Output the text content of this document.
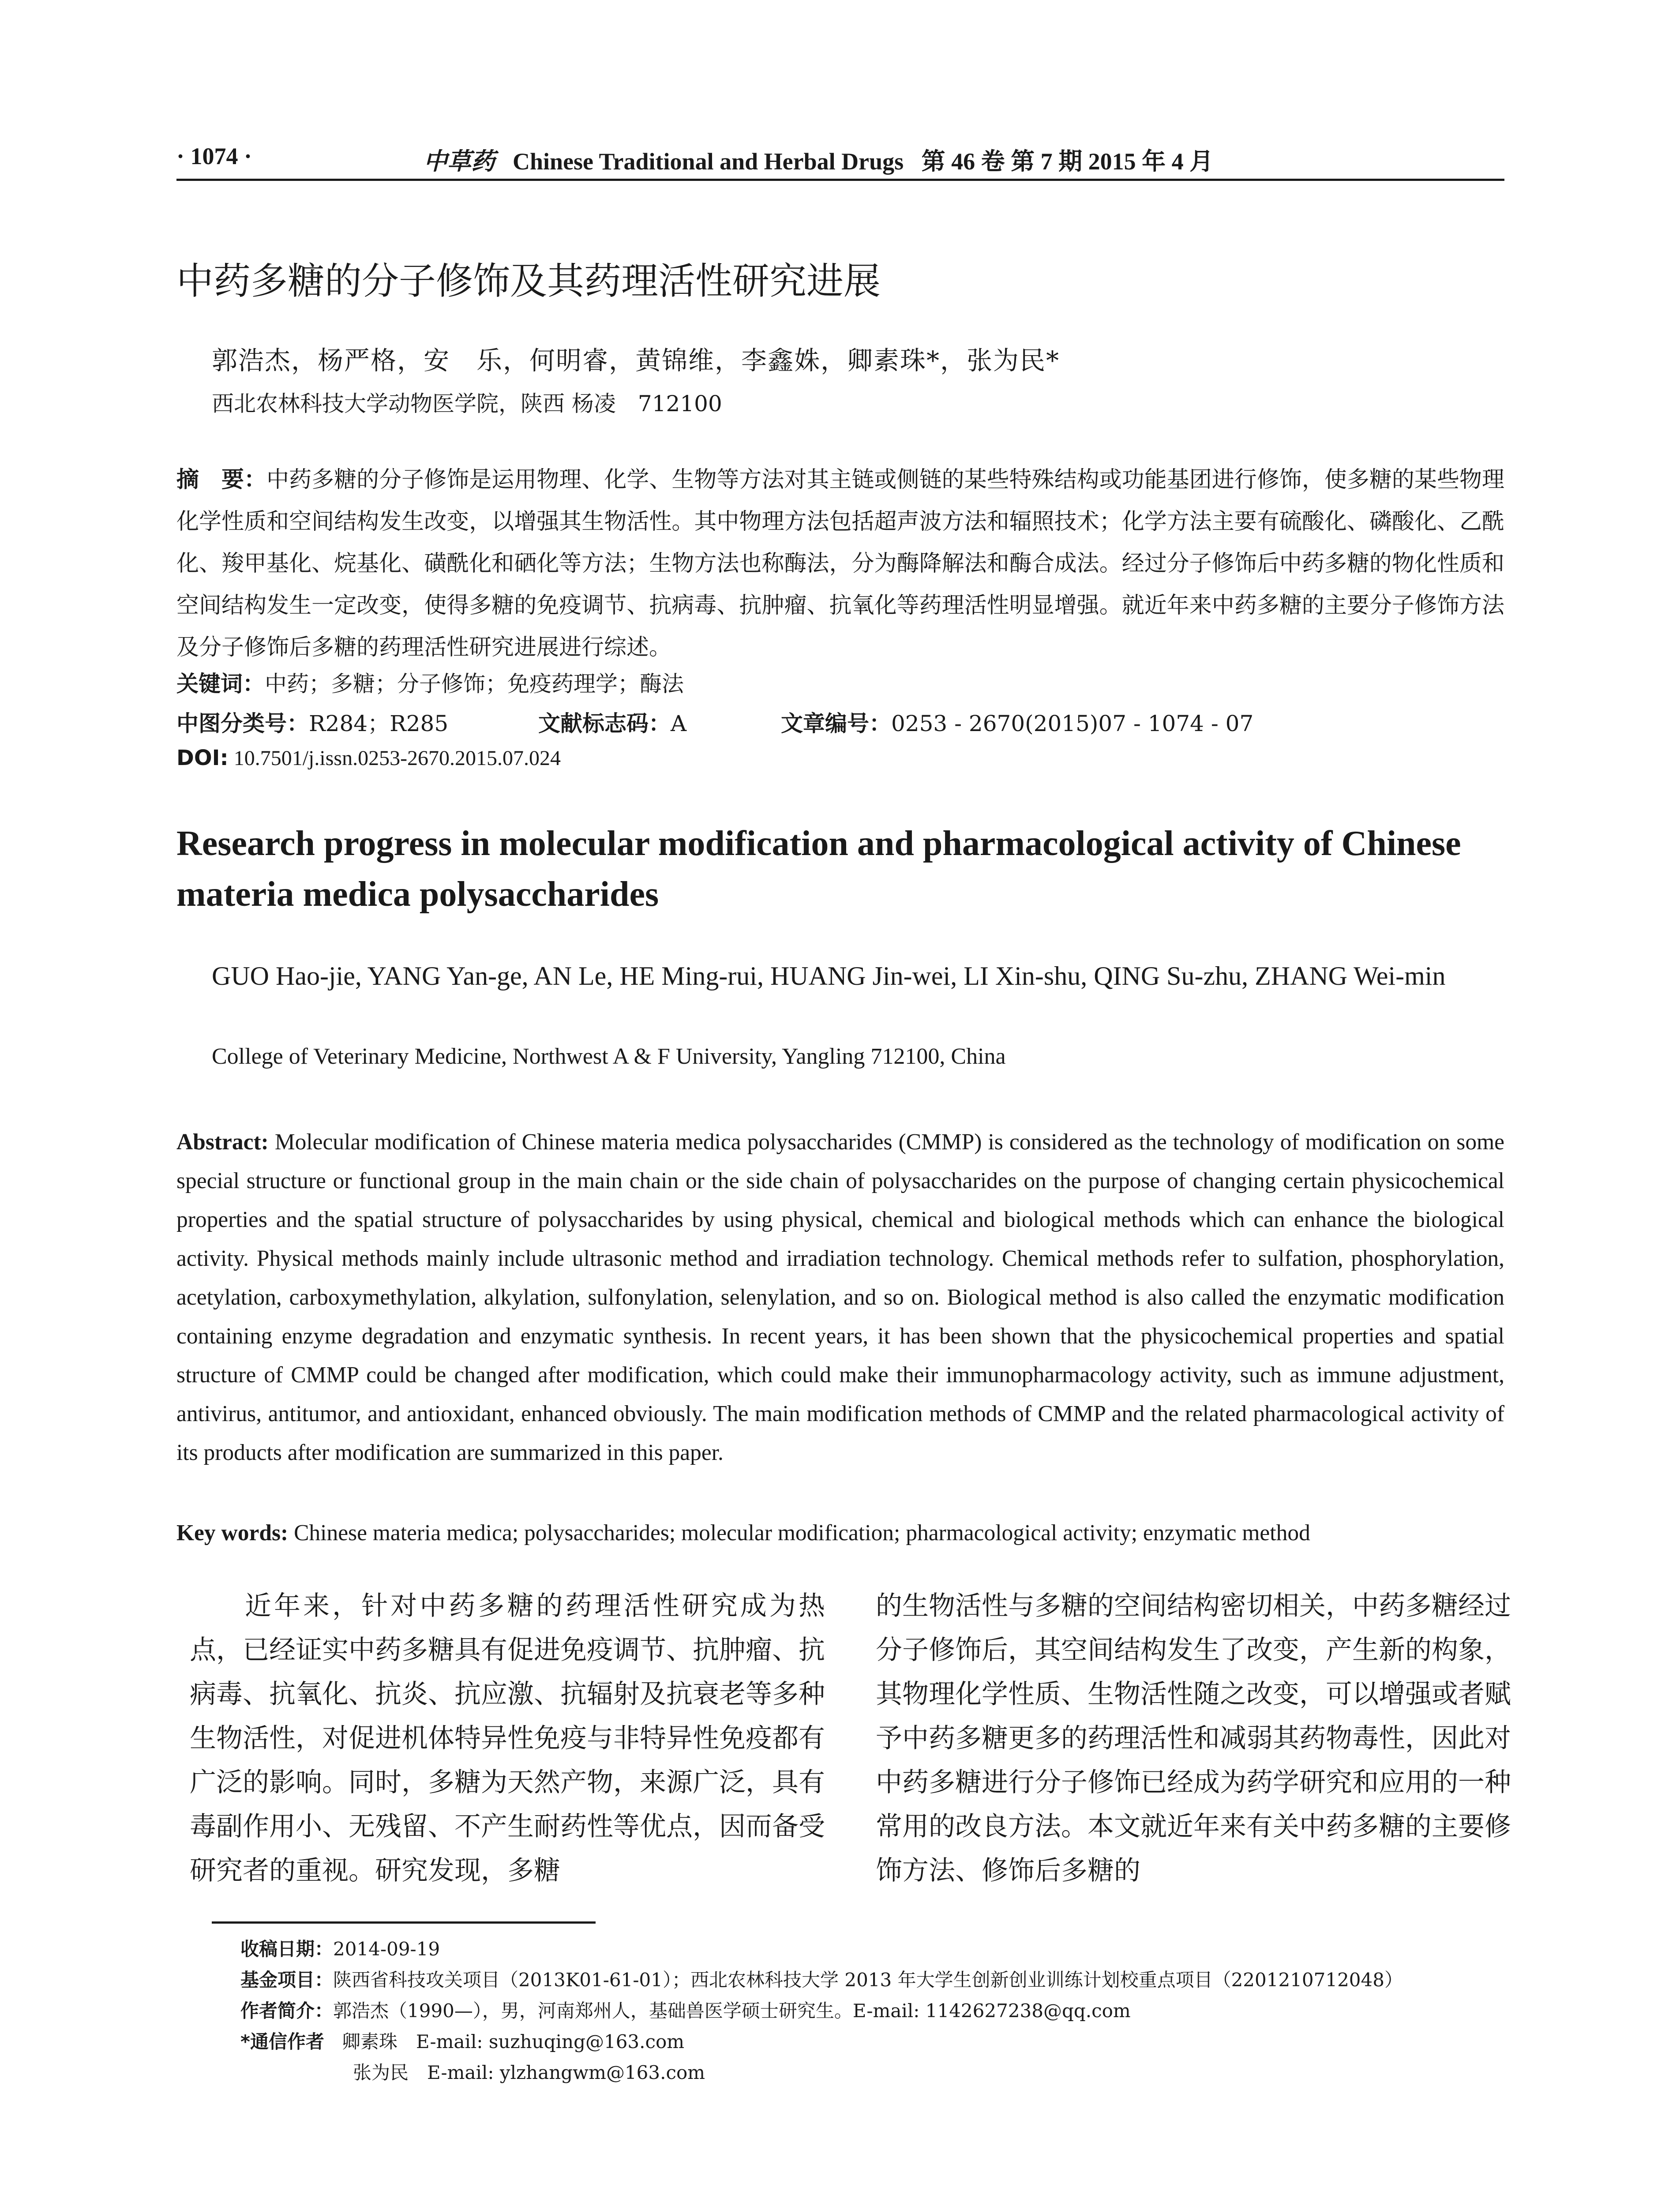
· 1074 ·	中草药 Chinese Traditional and Herbal Drugs 第 46 卷 第 7 期 2015 年 4 月
中药多糖的分子修饰及其药理活性研究进展
郭浩杰，杨严格，安　乐，何明睿，黄锦维，李鑫姝，卿素珠*，张为民*
西北农林科技大学动物医学院，陕西 杨凌　712100
摘　要：中药多糖的分子修饰是运用物理、化学、生物等方法对其主链或侧链的某些特殊结构或功能基团进行修饰，使多糖的某些物理化学性质和空间结构发生改变，以增强其生物活性。其中物理方法包括超声波方法和辐照技术；化学方法主要有硫酸化、磷酸化、乙酰化、羧甲基化、烷基化、磺酰化和硒化等方法；生物方法也称酶法，分为酶降解法和酶合成法。经过分子修饰后中药多糖的物化性质和空间结构发生一定改变，使得多糖的免疫调节、抗病毒、抗肿瘤、抗氧化等药理活性明显增强。就近年来中药多糖的主要分子修饰方法及分子修饰后多糖的药理活性研究进展进行综述。
关键词：中药；多糖；分子修饰；免疫药理学；酶法
中图分类号：R284；R285	文献标志码：A	文章编号：0253 - 2670(2015)07 - 1074 - 07
DOI: 10.7501/j.issn.0253-2670.2015.07.024
Research progress in molecular modification and pharmacological activity of Chinese materia medica polysaccharides
GUO Hao-jie, YANG Yan-ge, AN Le, HE Ming-rui, HUANG Jin-wei, LI Xin-shu, QING Su-zhu, ZHANG Wei-min
College of Veterinary Medicine, Northwest A & F University, Yangling 712100, China
Abstract: Molecular modification of Chinese materia medica polysaccharides (CMMP) is considered as the technology of modification on some special structure or functional group in the main chain or the side chain of polysaccharides on the purpose of changing certain physicochemical properties and the spatial structure of polysaccharides by using physical, chemical and biological methods which can enhance the biological activity. Physical methods mainly include ultrasonic method and irradiation technology. Chemical methods refer to sulfation, phosphorylation, acetylation, carboxymethylation, alkylation, sulfonylation, selenylation, and so on. Biological method is also called the enzymatic modification containing enzyme degradation and enzymatic synthesis. In recent years, it has been shown that the physicochemical properties and spatial structure of CMMP could be changed after modification, which could make their immunopharmacology activity, such as immune adjustment, antivirus, antitumor, and antioxidant, enhanced obviously. The main modification methods of CMMP and the related pharmacological activity of its products after modification are summarized in this paper.
Key words: Chinese materia medica; polysaccharides; molecular modification; pharmacological activity; enzymatic method
近年来，针对中药多糖的药理活性研究成为热点，已经证实中药多糖具有促进免疫调节、抗肿瘤、抗病毒、抗氧化、抗炎、抗应激、抗辐射及抗衰老等多种生物活性，对促进机体特异性免疫与非特异性免疫都有广泛的影响。同时，多糖为天然产物，来源广泛，具有毒副作用小、无残留、不产生耐药性等优点，因而备受研究者的重视。研究发现，多糖
的生物活性与多糖的空间结构密切相关，中药多糖经过分子修饰后，其空间结构发生了改变，产生新的构象，其物理化学性质、生物活性随之改变，可以增强或者赋予中药多糖更多的药理活性和减弱其药物毒性，因此对中药多糖进行分子修饰已经成为药学研究和应用的一种常用的改良方法。本文就近年来有关中药多糖的主要修饰方法、修饰后多糖的
收稿日期：2014-09-19
基金项目：陕西省科技攻关项目（2013K01-61-01）；西北农林科技大学 2013 年大学生创新创业训练计划校重点项目（2201210712048）
作者简介：郭浩杰（1990—），男，河南郑州人，基础兽医学硕士研究生。E-mail: 1142627238@qq.com
*通信作者 卿素珠　E-mail: suzhuqing@163.com
张为民　E-mail: ylzhangwm@163.com
